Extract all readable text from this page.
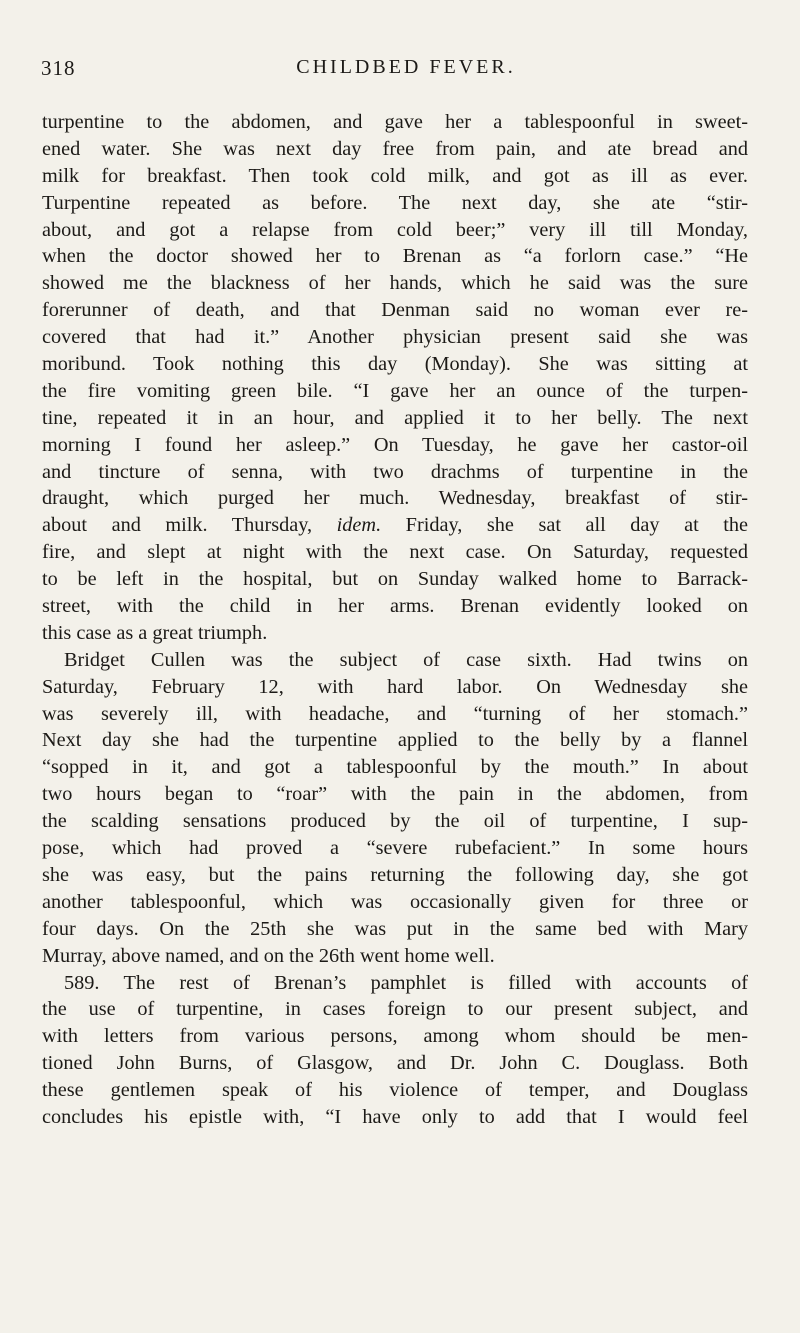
318	CHILDBED FEVER.

turpentine to the abdomen, and gave her a tablespoonful in sweet-

ened water. She was next day free from pain, and ate bread and

milk for breakfast. Then took cold milk, and got as ill as ever.

Turpentine repeated as before. The next day, she ate “stir-

about, and got a relapse from cold beer;” very ill till Monday,

when the doctor showed her to Brenan as “a forlorn case.” “He

showed me the blackness of her hands, which he said was the sure

forerunner of death, and that Denman said no woman ever re-

covered that had it.” Another physician present said she was

moribund. Took nothing this day (Monday). She was sitting at

the fire vomiting green bile. “I gave her an ounce of the turpen-

tine, repeated it in an hour, and applied it to her belly. The next

morning I found her asleep.” On Tuesday, he gave her castor-oil

and tincture of senna, with two drachms of turpentine in the

draught, which purged her much. Wednesday, breakfast of stir-

about and milk. Thursday, idem. Friday, she sat all day at the

fire, and slept at night with the next case. On Saturday, requested

to be left in the hospital, but on Sunday walked home to Barrack-

street, with the child in her arms. Brenan evidently looked on

this case as a great triumph.

Bridget Cullen was the subject of case sixth. Had twins on

Saturday, February 12, with hard labor. On Wednesday she

was severely ill, with headache, and “turning of her stomach.”

Next day she had the turpentine applied to the belly by a flannel

“sopped in it, and got a tablespoonful by the mouth.” In about

two hours began to “roar” with the pain in the abdomen, from

the scalding sensations produced by the oil of turpentine, I sup-

pose, which had proved a “severe rubefacient.” In some hours

she was easy, but the pains returning the following day, she got

another tablespoonful, which was occasionally given for three or

four days. On the 25th she was put in the same bed with Mary

Murray, above named, and on the 26th went home well.

589. The rest of Brenan’s pamphlet is filled with accounts of

the use of turpentine, in cases foreign to our present subject, and

with letters from various persons, among whom should be men-

tioned John Burns, of Glasgow, and Dr. John C. Douglass. Both

these gentlemen speak of his violence of temper, and Douglass

concludes his epistle with, “I have only to add that I would feel
